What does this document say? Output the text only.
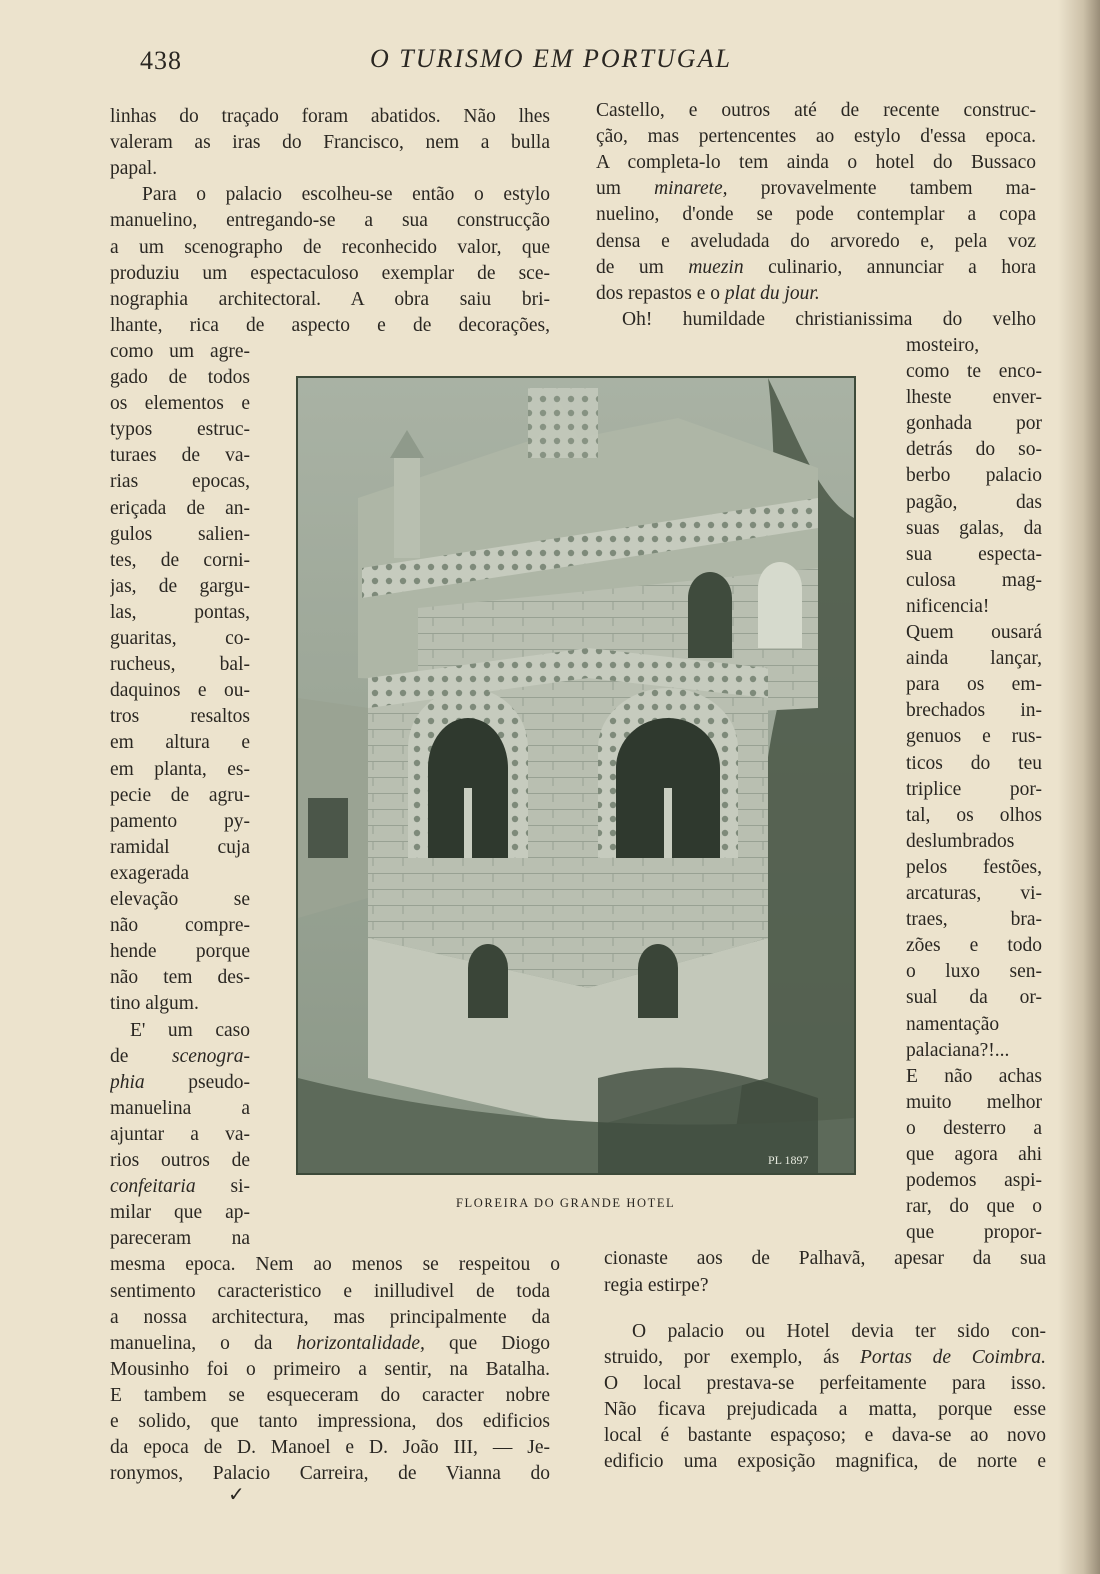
438	O TURISMO EM PORTUGAL
linhas do traçado foram abatidos. Não lhes
valeram as iras do Francisco, nem a bulla
papal.
Para o palacio escolheu-se então o estylo
manuelino, entregando-se a sua construcção
a um scenographo de reconhecido valor, que
produziu um espectaculoso exemplar de sce-
nographia architectoral. A obra saiu bri-
lhante, rica de aspecto e de decorações,
como um agre-
gado de todos
os elementos e
typos estruc-
turaes de va-
rias epocas,
eriçada de an-
gulos salien-
tes, de corni-
jas, de gargu-
las, pontas,
guaritas, co-
rucheus, bal-
daquinos e ou-
tros resaltos
em altura e
em planta, es-
pecie de agru-
pamento py-
ramidal cuja
exagerada
elevação se
não compre-
hende porque
não tem des-
tino algum.
E' um caso
de scenogra-
phia pseudo-
manuelina a
ajuntar a va-
rios outros de
confeitaria si-
milar que ap-
pareceram na
mesma epoca. Nem ao menos se respeitou o
sentimento caracteristico e inilludivel de toda
a nossa architectura, mas principalmente da
manuelina, o da horizontalidade, que Diogo
Mousinho foi o primeiro a sentir, na Batalha.
E tambem se esqueceram do caracter nobre
e solido, que tanto impressiona, dos edificios
da epoca de D. Manoel e D. João III, — Je-
ronymos, Palacio Carreira, de Vianna do
Castello, e outros até de recente construc-
ção, mas pertencentes ao estylo d'essa epoca.
A completa-lo tem ainda o hotel do Bussaco
um minarete, provavelmente tambem ma-
nuelino, d'onde se pode contemplar a copa
densa e aveludada do arvoredo e, pela voz
de um muezin culinario, annunciar a hora
dos repastos e o plat du jour.
Oh! humildade christianissima do velho
mosteiro,
como te enco-
lheste enver-
gonhada por
detrás do so-
berbo palacio
pagão, das
suas galas, da
sua especta-
culosa mag-
nificencia!
Quem ousará
ainda lançar,
para os em-
brechados in-
genuos e rus-
ticos do teu
triplice por-
tal, os olhos
deslumbrados
pelos festões,
arcaturas, vi-
traes, bra-
zões e todo
o luxo sen-
sual da or-
namentação
palaciana?!...
E não achas
muito melhor
o desterro a
que agora ahi
podemos aspi-
rar, do que o
que propor-
cionaste aos de Palhavã, apesar da sua
regia estirpe?
O palacio ou Hotel devia ter sido con-
struido, por exemplo, ás Portas de Coimbra.
O local prestava-se perfeitamente para isso.
Não ficava prejudicada a matta, porque esse
local é bastante espaçoso; e dava-se ao novo
edificio uma exposição magnifica, de norte e
PL 1897
FLOREIRA DO GRANDE HOTEL
✓
